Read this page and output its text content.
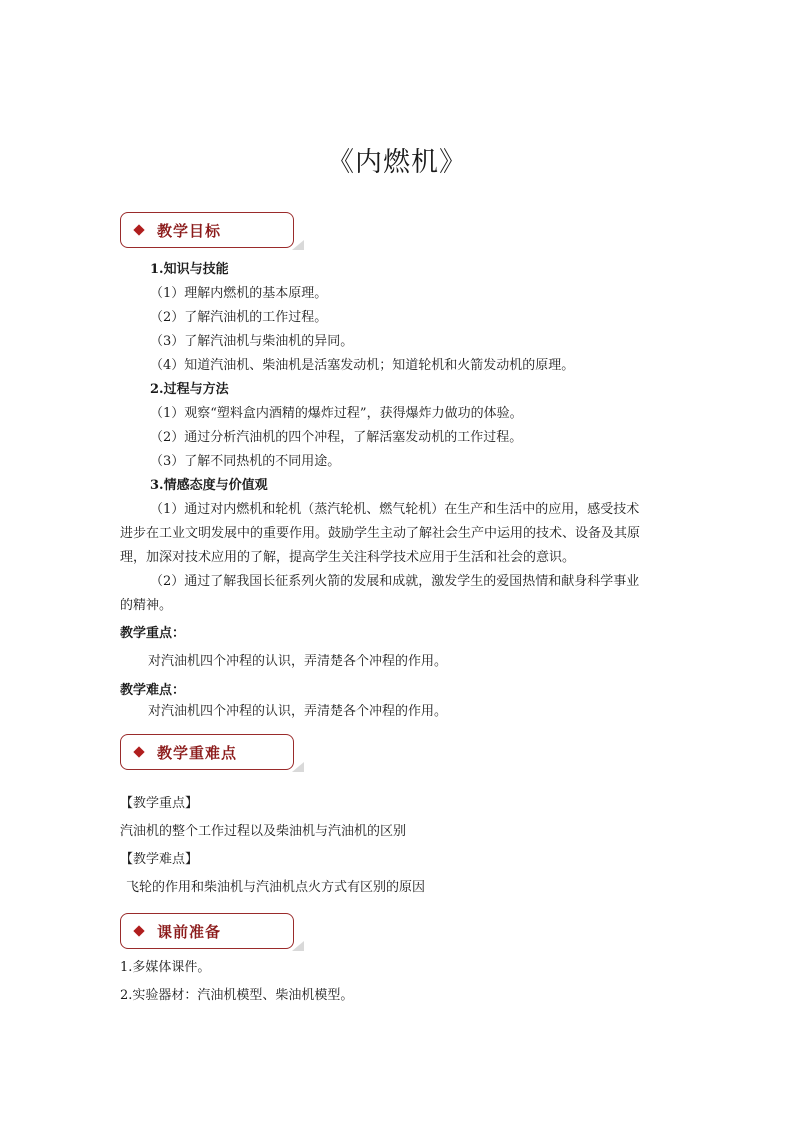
《内燃机》
教学目标
1.知识与技能
（1）理解内燃机的基本原理。
（2）了解汽油机的工作过程。
（3）了解汽油机与柴油机的异同。
（4）知道汽油机、柴油机是活塞发动机；知道轮机和火箭发动机的原理。
2.过程与方法
（1）观察“塑料盒内酒精的爆炸过程”，获得爆炸力做功的体验。
（2）通过分析汽油机的四个冲程，了解活塞发动机的工作过程。
（3）了解不同热机的不同用途。
3.情感态度与价值观
（1）通过对内燃机和轮机（蒸汽轮机、燃气轮机）在生产和生活中的应用，感受技术
进步在工业文明发展中的重要作用。鼓励学生主动了解社会生产中运用的技术、设备及其原
理，加深对技术应用的了解，提高学生关注科学技术应用于生活和社会的意识。
（2）通过了解我国长征系列火箭的发展和成就，激发学生的爱国热情和献身科学事业
的精神。
教学重点：
对汽油机四个冲程的认识，弄清楚各个冲程的作用。
教学难点：
对汽油机四个冲程的认识，弄清楚各个冲程的作用。
教学重难点
【教学重点】
汽油机的整个工作过程以及柴油机与汽油机的区别
【教学难点】
飞轮的作用和柴油机与汽油机点火方式有区别的原因
课前准备
1.多媒体课件。
2.实验器材：汽油机模型、柴油机模型。
